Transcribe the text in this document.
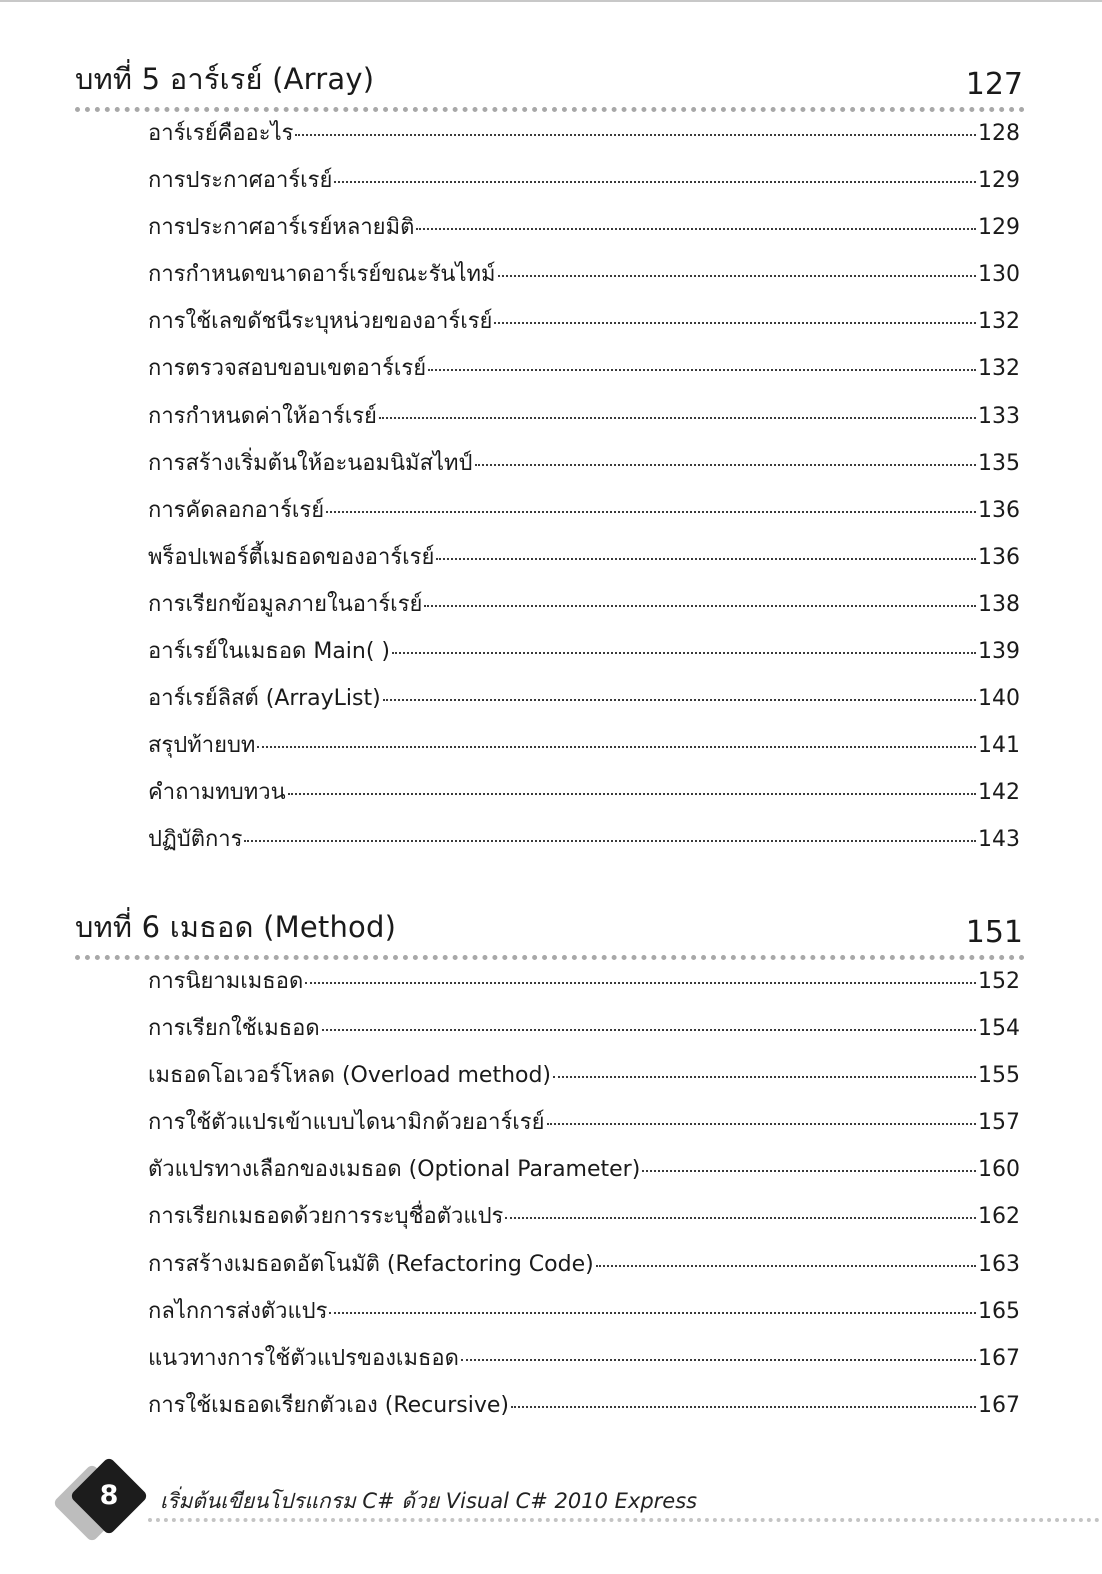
บทที่ 5 อาร์เรย์ (Array)	127
อาร์เรย์คืออะไร	128
การประกาศอาร์เรย์	129
การประกาศอาร์เรย์หลายมิติ	129
การกำหนดขนาดอาร์เรย์ขณะรันไทม์	130
การใช้เลขดัชนีระบุหน่วยของอาร์เรย์	132
การตรวจสอบขอบเขตอาร์เรย์	132
การกำหนดค่าให้อาร์เรย์	133
การสร้างเริ่มต้นให้อะนอมนิมัสไทป์	135
การคัดลอกอาร์เรย์	136
พร็อปเพอร์ตี้เมธอดของอาร์เรย์	136
การเรียกข้อมูลภายในอาร์เรย์	138
อาร์เรย์ในเมธอด Main( )	139
อาร์เรย์ลิสต์ (ArrayList)	140
สรุปท้ายบท	141
คำถามทบทวน	142
ปฏิบัติการ	143
บทที่ 6 เมธอด (Method)	151
การนิยามเมธอด	152
การเรียกใช้เมธอด	154
เมธอดโอเวอร์โหลด (Overload method)	155
การใช้ตัวแปรเข้าแบบไดนามิกด้วยอาร์เรย์	157
ตัวแปรทางเลือกของเมธอด (Optional Parameter)	160
การเรียกเมธอดด้วยการระบุชื่อตัวแปร	162
การสร้างเมธอดอัตโนมัติ (Refactoring Code)	163
กลไกการส่งตัวแปร	165
แนวทางการใช้ตัวแปรของเมธอด	167
การใช้เมธอดเรียกตัวเอง (Recursive)	167
8	เริ่มต้นเขียนโปรแกรม C# ด้วย Visual C# 2010 Express
